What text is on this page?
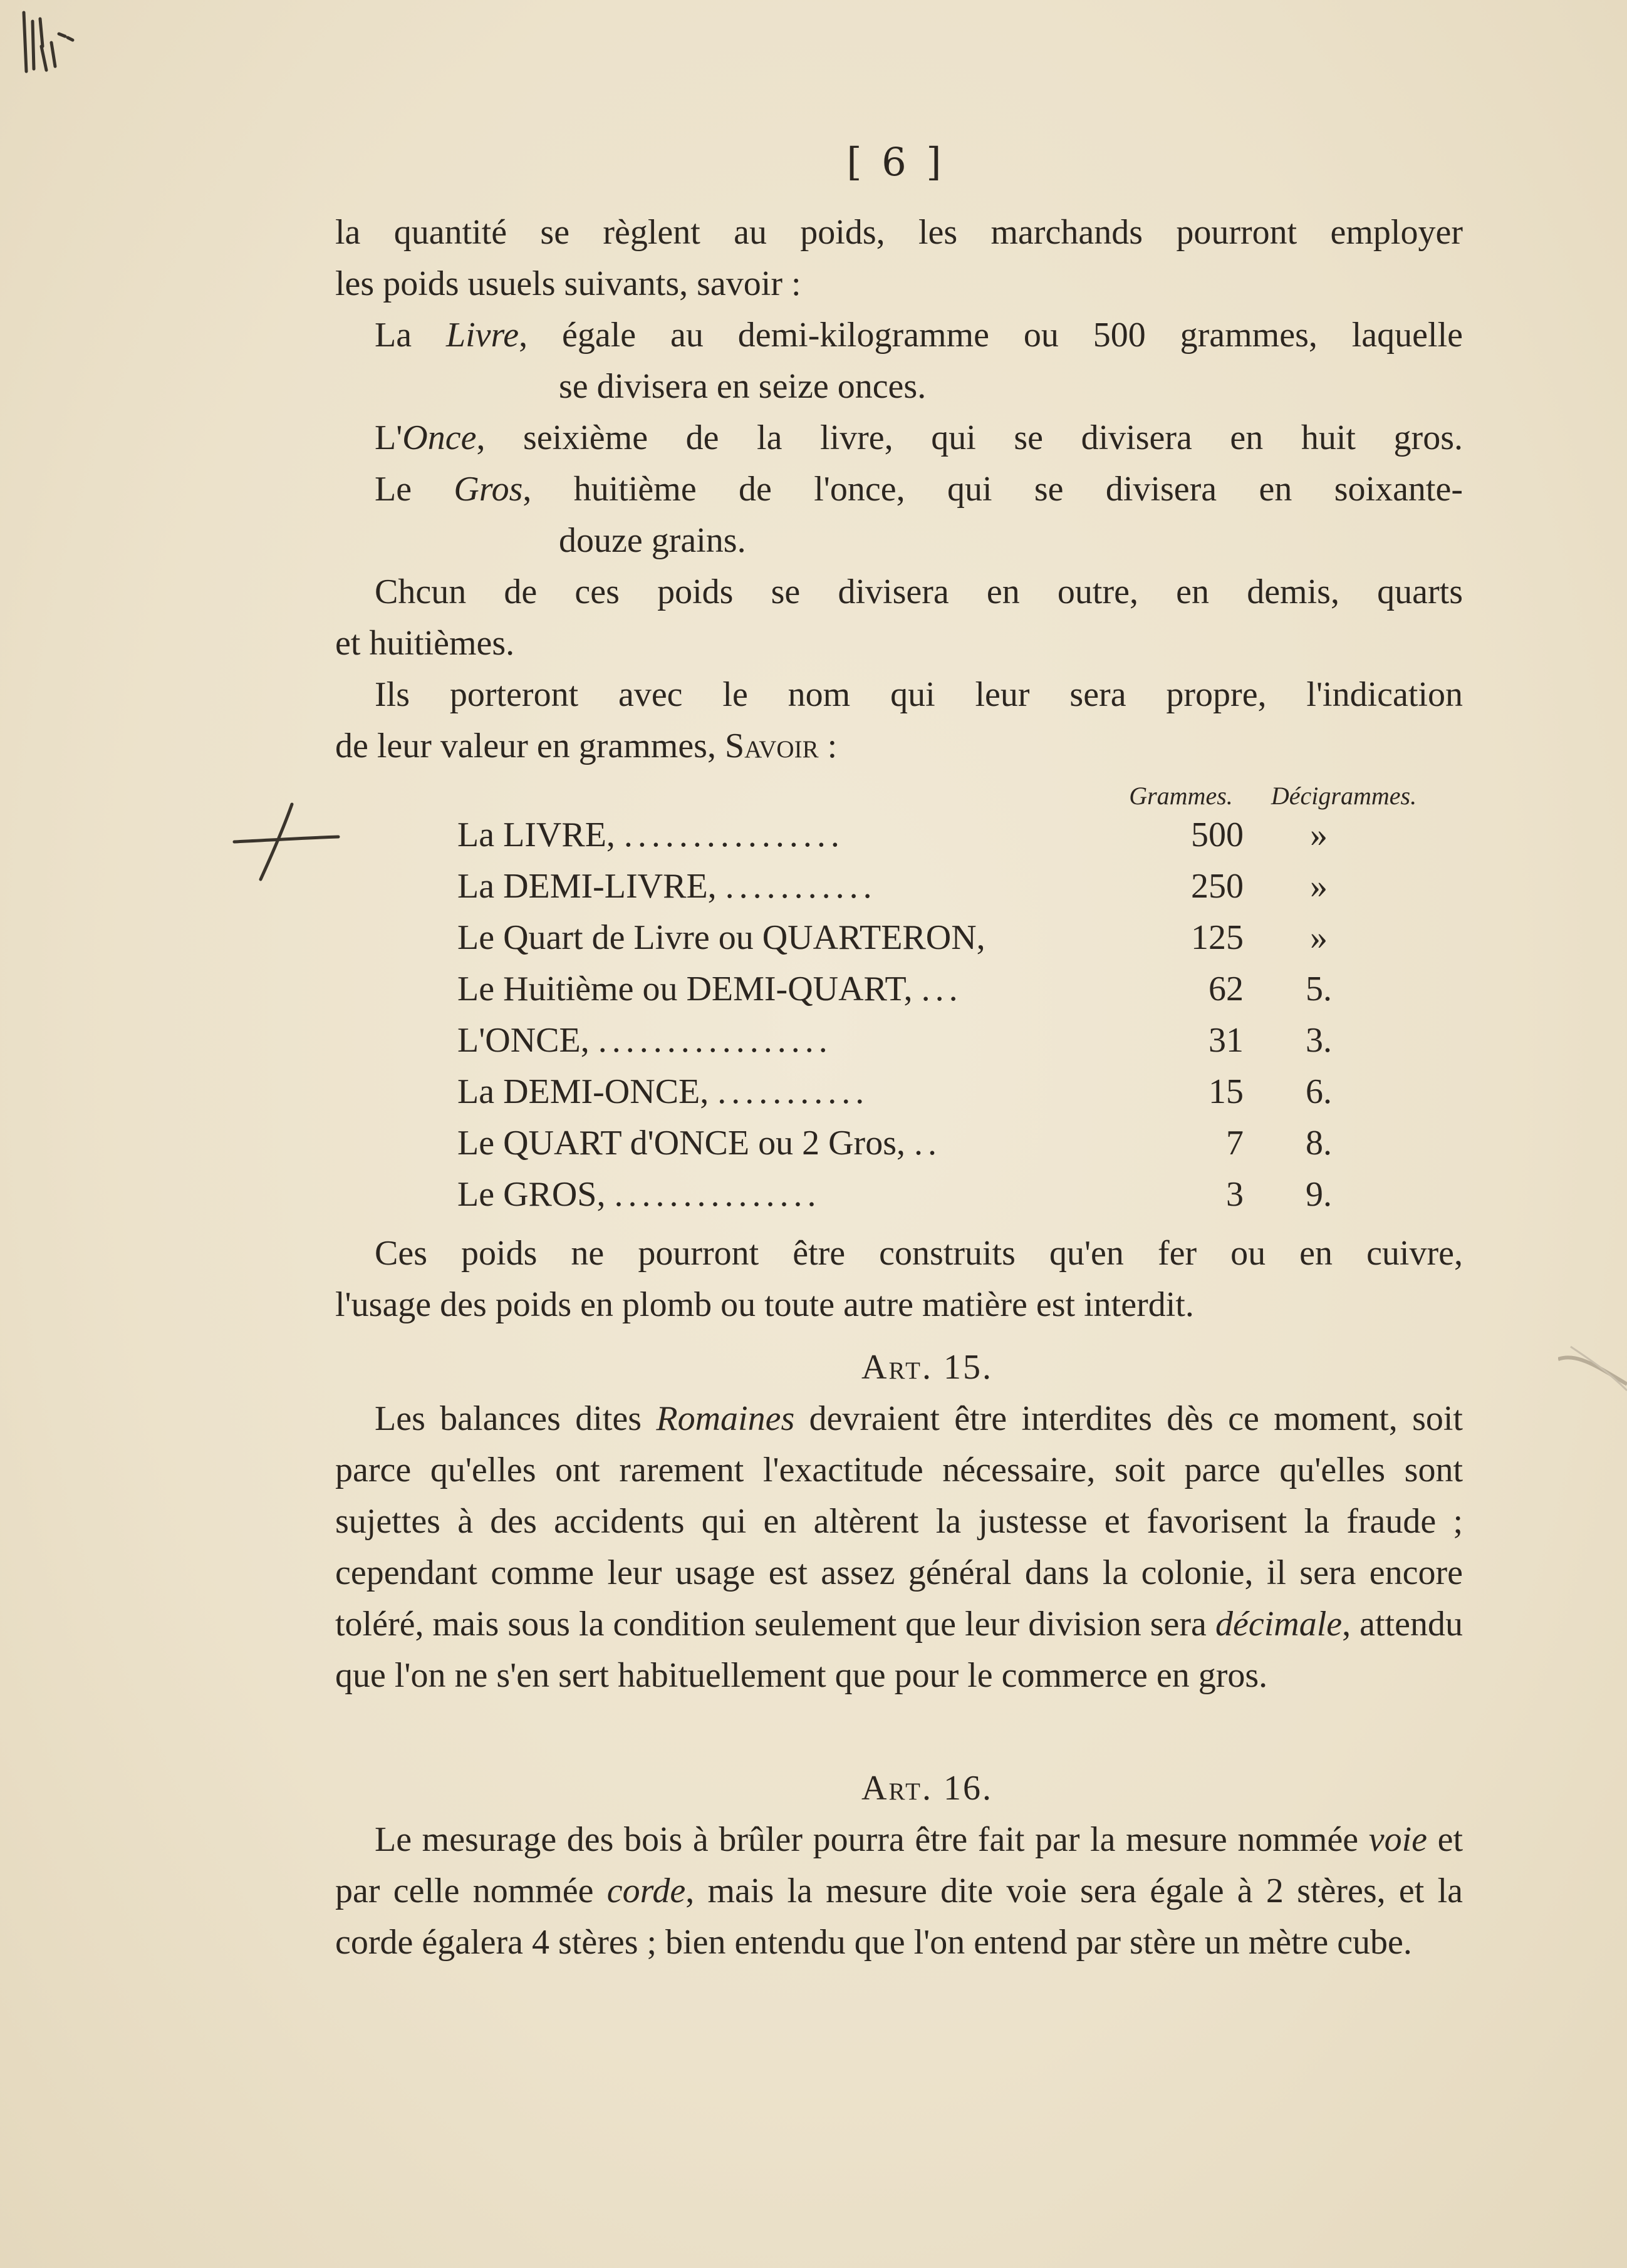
[ 6 ]

la quantité se règlent au poids, les marchands pourront employer

les poids usuels suivants, savoir :

La Livre, égale au demi-kilogramme ou 500 grammes, laquelle

se divisera en seize onces.

L'Once, seixième de la livre, qui se divisera en huit gros.

Le Gros, huitième de l'once, qui se divisera en soixante-

douze grains.

Chcun de ces poids se divisera en outre, en demis, quarts

et huitièmes.

Ils porteront avec le nom qui leur sera propre, l'indication

de leur valeur en grammes, Savoir :

Grammes.	Décigrammes.
La LIVRE, ................	500	»
La DEMI-LIVRE, ...........	250	»
Le Quart de Livre ou QUARTERON,	125	»
Le Huitième ou DEMI-QUART, ...	62	5.
L'ONCE, .................	31	3.
La DEMI-ONCE, ...........	15	6.
Le QUART d'ONCE ou 2 Gros, ..	7	8.
Le GROS, ...............	3	9.

Ces poids ne pourront être construits qu'en fer ou en cuivre,

l'usage des poids en plomb ou toute autre matière est interdit.

Art. 15.

Les balances dites Romaines devraient être interdites dès ce moment, soit parce qu'elles ont rarement l'exactitude nécessaire, soit parce qu'elles sont sujettes à des accidents qui en altèrent la justesse et favorisent la fraude ; cependant comme leur usage est assez général dans la colonie, il sera encore toléré, mais sous la condition seulement que leur division sera décimale, attendu que l'on ne s'en sert habituellement que pour le commerce en gros.

Art. 16.

Le mesurage des bois à brûler pourra être fait par la mesure nommée voie et par celle nommée corde, mais la mesure dite voie sera égale à 2 stères, et la corde égalera 4 stères ; bien entendu que l'on entend par stère un mètre cube.
